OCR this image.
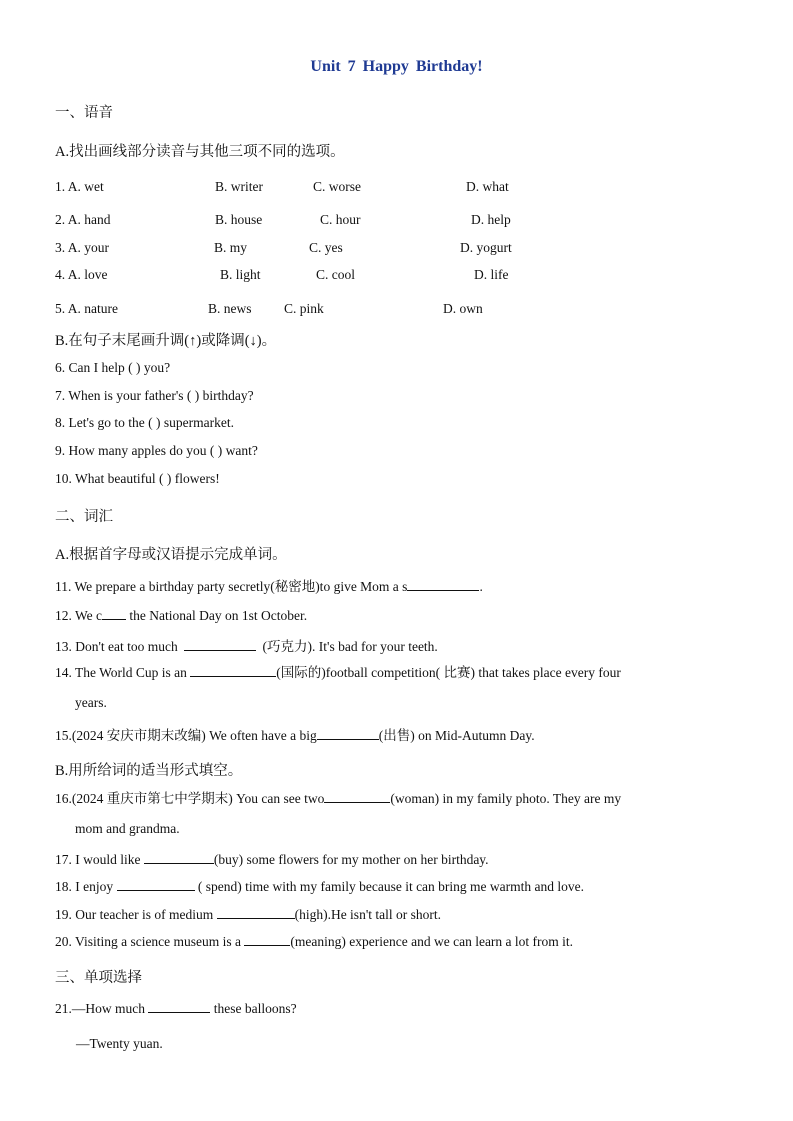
Unit 7 Happy Birthday!
一、语音
A.找出画线部分读音与其他三项不同的选项。
1. A. wet	B. writer	C. worse	D. what
2. A. hand	B. house	C. hour	D. help
3. A. your	B. my	C. yes	D. yogurt
4. A. love	B. light	C. cool	D. life
5. A. nature	B. news C. pink	D. own
B.在句子末尾画升调(↑)或降调(↓)。
6. Can I help ( ) you?
7. When is your father's ( ) birthday?
8. Let's go to the ( ) supermarket.
9. How many apples do you ( ) want?
10. What beautiful ( ) flowers!
二、词汇
A.根据首字母或汉语提示完成单词。
11. We prepare a birthday party secretly(秘密地)to give Mom a s	.
12. We c the National Day on 1st October.
13. Don't eat too much	(巧克力). It's bad for your teeth.
14. The World Cup is an	(国际的)football competition( 比赛) that takes place every four
years.
15.(2024 安庆市期末改编) We often have a big	(出售) on Mid-Autumn Day.
B.用所给词的适当形式填空。
16.(2024 重庆市第七中学期末) You can see two	(woman) in my family photo. They are my
mom and grandma.
17. I would like	(buy) some flowers for my mother on her birthday.
18. I enjoy	( spend) time with my family because it can bring me warmth and love.
19. Our teacher is of medium	(high).He isn't tall or short.
20. Visiting a science museum is a	(meaning) experience and we can learn a lot from it.
三、单项选择
21.—How much	these balloons?
—Twenty yuan.
